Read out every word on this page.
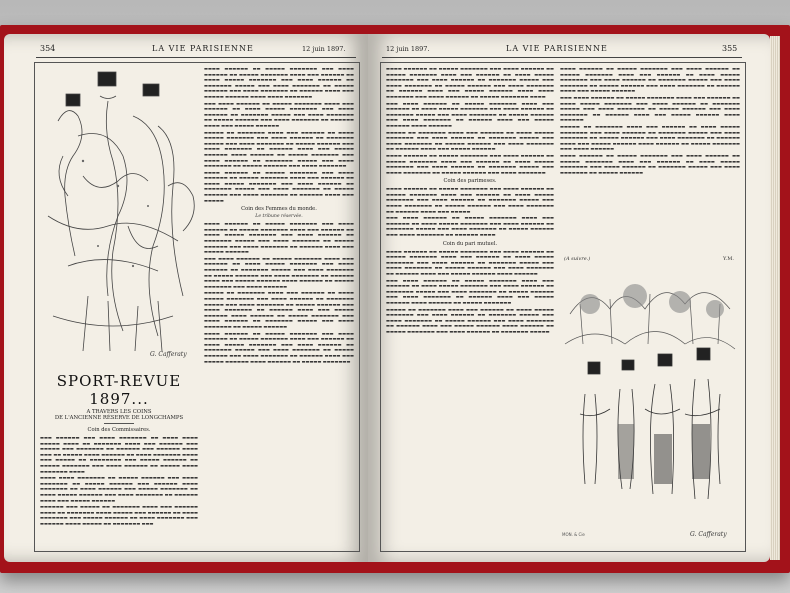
354	LA VIE PARISIENNE	12 juin 1897.
G. Cafferaty
SPORT-REVUE 1897...
A TRAVERS LES COINS
DE L'ANCIENNE RÉSERVE DE LONGCHAMPS
Coin des Commissaires.

▬▬▬ ▬▬▬▬▬▬ ▬▬▬ ▬▬▬▬ ▬▬▬▬▬▬▬ ▬▬ ▬▬▬▬ ▬▬▬▬ ▬▬▬▬▬ ▬▬▬▬ ▬▬ ▬▬▬▬▬▬▬ ▬▬▬▬ ▬▬▬ ▬▬▬▬▬▬ ▬▬▬ ▬▬▬▬▬ ▬▬▬ ▬▬▬▬▬▬▬ ▬▬ ▬▬▬▬▬▬ ▬▬▬ ▬▬▬▬▬▬ ▬▬▬▬ ▬▬▬ ▬▬ ▬▬▬▬▬ ▬▬▬▬ ▬▬▬▬▬▬ ▬▬ ▬▬▬▬ ▬▬▬▬▬▬▬ ▬▬▬▬ ▬▬▬ ▬▬▬▬▬ ▬▬ ▬▬▬▬▬▬▬▬ ▬▬▬ ▬▬▬▬▬ ▬▬▬▬▬▬ ▬▬ ▬▬▬▬▬ ▬▬▬▬▬▬▬ ▬▬▬ ▬▬▬▬ ▬▬▬▬▬▬ ▬▬ ▬▬▬▬▬ ▬▬▬▬ ▬▬▬▬▬▬▬ ▬▬▬▬

▬▬▬▬ ▬▬▬▬ ▬▬▬▬▬▬▬ ▬▬ ▬▬▬▬▬ ▬▬▬▬▬▬ ▬▬▬ ▬▬▬▬ ▬▬▬▬▬▬▬ ▬▬ ▬▬▬▬▬ ▬▬▬▬▬▬ ▬▬▬ ▬▬▬▬▬▬ ▬▬▬▬ ▬▬▬▬▬▬▬ ▬▬ ▬▬▬▬ ▬▬▬▬▬▬ ▬▬▬ ▬▬▬▬▬ ▬▬▬▬▬▬▬ ▬▬ ▬▬▬▬ ▬▬▬▬▬ ▬▬▬▬▬▬ ▬▬▬ ▬▬▬▬ ▬▬▬▬▬▬▬ ▬▬ ▬▬▬▬▬▬ ▬▬▬▬ ▬▬▬ ▬▬▬▬▬ ▬▬▬▬▬▬

▬▬▬▬▬▬ ▬▬▬ ▬▬▬▬▬ ▬▬ ▬▬▬▬▬▬▬ ▬▬▬▬ ▬▬▬ ▬▬▬▬▬▬ ▬▬▬▬ ▬▬ ▬▬▬▬▬▬▬ ▬▬▬▬ ▬▬▬▬▬ ▬▬▬ ▬▬▬▬▬▬ ▬▬ ▬▬▬▬ ▬▬▬▬▬▬▬ ▬▬▬ ▬▬▬▬▬ ▬▬▬▬▬▬ ▬▬ ▬▬▬▬ ▬▬▬▬▬▬▬ ▬▬▬ ▬▬▬▬▬▬ ▬▬▬▬ ▬▬▬▬▬ ▬▬ ▬▬▬▬▬▬▬ ▬▬▬

▬▬▬▬ ▬▬▬▬▬▬ ▬▬ ▬▬▬▬▬ ▬▬▬▬▬▬▬ ▬▬▬ ▬▬▬▬ ▬▬▬▬▬▬ ▬▬ ▬▬▬▬▬ ▬▬▬▬▬▬▬ ▬▬▬▬ ▬▬▬ ▬▬▬▬▬▬ ▬▬ ▬▬▬▬ ▬▬▬▬▬ ▬▬▬▬▬▬▬ ▬▬▬ ▬▬▬▬ ▬▬▬▬▬▬ ▬▬ ▬▬▬▬▬▬▬ ▬▬▬▬▬ ▬▬▬ ▬▬▬▬ ▬▬▬▬▬▬▬ ▬▬ ▬▬▬▬▬ ▬▬▬▬▬▬ ▬▬▬ ▬▬▬▬ ▬▬▬▬▬▬▬ ▬▬ ▬▬▬▬▬▬ ▬▬▬▬ ▬▬▬ ▬▬▬▬▬ ▬▬▬▬▬▬ ▬▬▬▬ ▬▬▬▬ ▬▬▬▬▬▬▬

▬▬▬ ▬▬▬▬ ▬▬▬▬▬▬ ▬▬ ▬▬▬▬▬ ▬▬▬▬▬▬▬ ▬▬▬▬ ▬▬▬ ▬▬▬▬▬▬ ▬▬ ▬▬▬▬ ▬▬▬▬▬ ▬▬▬▬▬▬▬ ▬▬▬ ▬▬▬▬ ▬▬▬▬▬▬ ▬▬ ▬▬▬▬▬▬▬ ▬▬▬▬▬ ▬▬▬ ▬▬▬▬ ▬▬▬▬▬▬▬ ▬▬ ▬▬▬▬▬ ▬▬▬▬▬▬ ▬▬▬ ▬▬▬▬ ▬▬▬▬▬▬▬ ▬▬ ▬▬▬▬▬▬ ▬▬▬▬ ▬▬▬ ▬▬▬▬▬ ▬▬▬▬▬▬

▬▬▬▬▬ ▬▬ ▬▬▬▬▬▬▬ ▬▬▬▬ ▬▬▬ ▬▬▬▬▬▬ ▬▬ ▬▬▬▬ ▬▬▬▬▬ ▬▬▬▬▬▬▬ ▬▬▬ ▬▬▬▬ ▬▬▬▬▬▬ ▬▬ ▬▬▬▬▬▬▬ ▬▬▬▬▬ ▬▬▬ ▬▬▬▬ ▬▬▬▬▬▬▬ ▬▬ ▬▬▬▬▬ ▬▬▬▬▬▬ ▬▬▬ ▬▬▬▬ ▬▬▬▬▬▬▬ ▬▬ ▬▬▬▬▬▬ ▬▬▬▬ ▬▬▬ ▬▬▬▬▬ ▬▬▬▬▬▬ ▬▬▬▬ ▬▬▬▬▬▬ ▬▬ ▬▬▬▬▬ ▬▬▬▬▬▬▬ ▬▬▬ ▬▬▬▬ ▬▬▬▬▬▬ ▬▬ ▬▬▬▬▬▬▬ ▬▬▬▬▬ ▬▬▬ ▬▬▬▬ ▬▬▬▬▬▬▬ ▬▬ ▬▬▬▬▬ ▬▬▬▬▬▬ ▬▬▬ ▬▬▬▬ ▬▬▬▬▬▬▬

▬▬▬▬ ▬▬▬▬▬▬ ▬▬ ▬▬▬▬▬ ▬▬▬▬▬▬▬ ▬▬▬ ▬▬▬▬ ▬▬▬▬▬▬ ▬▬ ▬▬▬▬▬ ▬▬▬▬▬▬▬ ▬▬▬▬ ▬▬▬ ▬▬▬▬▬▬ ▬▬ ▬▬▬▬ ▬▬▬▬▬ ▬▬▬▬▬▬▬ ▬▬▬ ▬▬▬▬ ▬▬▬▬▬▬ ▬▬ ▬▬▬▬▬▬▬ ▬▬▬▬▬ ▬▬▬ ▬▬▬▬ ▬▬▬▬▬▬▬ ▬▬ ▬▬▬▬▬ ▬▬▬▬▬▬ ▬▬▬ ▬▬▬▬ ▬▬▬▬▬▬▬ ▬▬ ▬▬▬▬▬▬ ▬▬▬▬ ▬▬▬ ▬▬▬▬▬

Coin des Femmes du monde.
Le tribune réservée.

▬▬▬▬ ▬▬▬▬▬▬ ▬▬ ▬▬▬▬▬ ▬▬▬▬▬▬▬ ▬▬▬ ▬▬▬▬ ▬▬▬▬▬▬ ▬▬ ▬▬▬▬▬ ▬▬▬▬▬▬▬ ▬▬▬▬ ▬▬▬ ▬▬▬▬▬▬ ▬▬ ▬▬▬▬ ▬▬▬▬▬ ▬▬▬▬▬▬▬ ▬▬▬ ▬▬▬▬ ▬▬▬▬▬▬ ▬▬ ▬▬▬▬▬▬▬ ▬▬▬▬▬ ▬▬▬ ▬▬▬▬ ▬▬▬▬▬▬▬ ▬▬ ▬▬▬▬▬ ▬▬▬▬▬▬ ▬▬▬ ▬▬▬▬ ▬▬▬▬▬▬▬ ▬▬ ▬▬▬▬▬▬ ▬▬▬▬ ▬▬▬ ▬▬▬▬▬ ▬▬▬▬▬▬

▬▬▬ ▬▬▬▬ ▬▬▬▬▬▬ ▬▬ ▬▬▬▬▬ ▬▬▬▬▬▬▬ ▬▬▬▬ ▬▬▬ ▬▬▬▬▬▬ ▬▬ ▬▬▬▬ ▬▬▬▬▬ ▬▬▬▬▬▬▬ ▬▬▬ ▬▬▬▬ ▬▬▬▬▬▬ ▬▬ ▬▬▬▬▬▬▬ ▬▬▬▬▬ ▬▬▬ ▬▬▬▬ ▬▬▬▬▬▬▬ ▬▬ ▬▬▬▬▬ ▬▬▬▬▬▬ ▬▬▬ ▬▬▬▬ ▬▬▬▬▬▬▬ ▬▬ ▬▬▬▬▬▬ ▬▬▬▬ ▬▬▬ ▬▬▬▬▬ ▬▬▬▬▬▬ ▬▬▬▬ ▬▬▬▬▬▬ ▬▬ ▬▬▬▬▬ ▬▬▬▬▬▬▬ ▬▬▬ ▬▬▬▬ ▬▬▬▬▬▬

▬▬▬▬▬ ▬▬ ▬▬▬▬▬▬▬ ▬▬▬▬ ▬▬▬ ▬▬▬▬▬▬ ▬▬ ▬▬▬▬ ▬▬▬▬▬ ▬▬▬▬▬▬▬ ▬▬▬ ▬▬▬▬ ▬▬▬▬▬▬ ▬▬ ▬▬▬▬▬▬▬ ▬▬▬▬▬ ▬▬▬ ▬▬▬▬ ▬▬▬▬▬▬▬ ▬▬ ▬▬▬▬▬ ▬▬▬▬▬▬ ▬▬▬ ▬▬▬▬ ▬▬▬▬▬▬▬ ▬▬ ▬▬▬▬▬▬ ▬▬▬▬ ▬▬▬ ▬▬▬▬▬ ▬▬▬▬▬▬ ▬▬▬▬ ▬▬▬▬▬▬ ▬▬ ▬▬▬▬▬ ▬▬▬▬▬▬▬ ▬▬▬ ▬▬▬▬ ▬▬▬▬▬▬ ▬▬ ▬▬▬▬▬▬▬ ▬▬▬▬▬ ▬▬▬ ▬▬▬▬ ▬▬▬▬▬▬▬ ▬▬ ▬▬▬▬▬ ▬▬▬▬▬▬

▬▬▬▬ ▬▬▬▬▬▬ ▬▬ ▬▬▬▬▬ ▬▬▬▬▬▬▬ ▬▬▬ ▬▬▬▬ ▬▬▬▬▬▬ ▬▬ ▬▬▬▬▬ ▬▬▬▬▬▬▬ ▬▬▬▬ ▬▬▬ ▬▬▬▬▬▬ ▬▬ ▬▬▬▬ ▬▬▬▬▬ ▬▬▬▬▬▬▬ ▬▬▬ ▬▬▬▬ ▬▬▬▬▬▬ ▬▬ ▬▬▬▬▬▬▬ ▬▬▬▬▬ ▬▬▬ ▬▬▬▬ ▬▬▬▬▬▬▬ ▬▬ ▬▬▬▬▬ ▬▬▬▬▬▬ ▬▬▬ ▬▬▬▬ ▬▬▬▬▬▬▬ ▬▬ ▬▬▬▬▬▬ ▬▬▬▬ ▬▬▬ ▬▬▬▬▬ ▬▬▬▬▬▬ ▬▬▬▬ ▬▬▬▬▬▬ ▬▬ ▬▬▬▬▬ ▬▬▬▬▬▬▬

12 juin 1897.	LA VIE PARISIENNE	355

▬▬▬▬ ▬▬▬▬▬▬ ▬▬ ▬▬▬▬▬ ▬▬▬▬▬▬▬ ▬▬▬ ▬▬▬▬ ▬▬▬▬▬▬ ▬▬ ▬▬▬▬▬ ▬▬▬▬▬▬▬ ▬▬▬▬ ▬▬▬ ▬▬▬▬▬▬ ▬▬ ▬▬▬▬ ▬▬▬▬▬ ▬▬▬▬▬▬▬ ▬▬▬ ▬▬▬▬ ▬▬▬▬▬▬ ▬▬ ▬▬▬▬▬▬▬ ▬▬▬▬▬ ▬▬▬ ▬▬▬▬ ▬▬▬▬▬▬▬ ▬▬ ▬▬▬▬▬ ▬▬▬▬▬▬ ▬▬▬ ▬▬▬▬ ▬▬▬▬▬▬▬ ▬▬ ▬▬▬▬▬▬ ▬▬▬▬ ▬▬▬ ▬▬▬▬▬ ▬▬▬▬▬▬ ▬▬▬▬ ▬▬▬▬ ▬▬▬▬▬▬▬ ▬▬▬ ▬▬▬▬ ▬▬▬▬▬▬ ▬▬ ▬▬▬▬▬ ▬▬▬▬▬▬▬ ▬▬▬▬

▬▬▬ ▬▬▬▬ ▬▬▬▬▬▬ ▬▬ ▬▬▬▬▬ ▬▬▬▬▬▬▬ ▬▬▬▬ ▬▬▬ ▬▬▬▬▬▬ ▬▬ ▬▬▬▬ ▬▬▬▬▬ ▬▬▬▬▬▬▬ ▬▬▬ ▬▬▬▬ ▬▬▬▬▬▬ ▬▬ ▬▬▬▬▬▬▬ ▬▬▬▬▬ ▬▬▬ ▬▬▬▬ ▬▬▬▬▬▬▬ ▬▬ ▬▬▬▬▬ ▬▬▬▬▬▬ ▬▬▬ ▬▬▬▬ ▬▬▬▬▬▬▬ ▬▬ ▬▬▬▬▬▬ ▬▬▬▬ ▬▬▬ ▬▬▬▬▬ ▬▬▬▬▬▬ ▬▬▬▬ ▬▬▬▬▬▬

▬▬▬▬▬ ▬▬ ▬▬▬▬▬▬▬ ▬▬▬▬ ▬▬▬ ▬▬▬▬▬▬ ▬▬ ▬▬▬▬ ▬▬▬▬▬ ▬▬▬▬▬▬▬ ▬▬▬ ▬▬▬▬ ▬▬▬▬▬▬ ▬▬ ▬▬▬▬▬▬▬ ▬▬▬▬▬ ▬▬▬ ▬▬▬▬ ▬▬▬▬▬▬▬ ▬▬ ▬▬▬▬▬ ▬▬▬▬▬▬ ▬▬▬ ▬▬▬▬ ▬▬▬▬▬▬▬ ▬▬ ▬▬▬▬▬▬ ▬▬▬▬ ▬▬▬ ▬▬▬▬▬ ▬▬▬▬▬▬

▬▬▬▬ ▬▬▬▬▬▬ ▬▬ ▬▬▬▬▬ ▬▬▬▬▬▬▬ ▬▬▬ ▬▬▬▬ ▬▬▬▬▬▬ ▬▬ ▬▬▬▬▬ ▬▬▬▬▬▬▬ ▬▬▬▬ ▬▬▬ ▬▬▬▬▬▬ ▬▬ ▬▬▬▬ ▬▬▬▬▬ ▬▬▬▬▬▬▬ ▬▬▬ ▬▬▬▬ ▬▬▬▬▬▬ ▬▬ ▬▬▬▬▬▬▬ ▬▬▬▬▬ ▬▬▬ ▬▬▬▬ ▬▬▬▬▬▬▬ ▬▬ ▬▬▬▬▬ ▬▬▬▬▬▬ ▬▬▬ ▬▬▬▬ ▬▬▬▬▬▬▬

Coin des parimeses.

▬▬▬▬ ▬▬▬▬▬▬ ▬▬ ▬▬▬▬▬ ▬▬▬▬▬▬▬ ▬▬▬ ▬▬▬▬ ▬▬▬▬▬▬ ▬▬ ▬▬▬▬▬ ▬▬▬▬▬▬▬ ▬▬▬▬ ▬▬▬ ▬▬▬▬▬▬ ▬▬ ▬▬▬▬ ▬▬▬▬▬ ▬▬▬▬▬▬▬ ▬▬▬ ▬▬▬▬ ▬▬▬▬▬▬ ▬▬ ▬▬▬▬▬▬▬ ▬▬▬▬▬ ▬▬▬ ▬▬▬▬ ▬▬▬▬▬▬▬ ▬▬ ▬▬▬▬▬ ▬▬▬▬▬▬ ▬▬▬ ▬▬▬▬ ▬▬▬▬▬▬▬ ▬▬ ▬▬▬▬▬▬ ▬▬▬▬ ▬▬▬ ▬▬▬▬▬

▬▬▬ ▬▬▬▬ ▬▬▬▬▬▬ ▬▬ ▬▬▬▬▬ ▬▬▬▬▬▬▬ ▬▬▬▬ ▬▬▬ ▬▬▬▬▬▬ ▬▬ ▬▬▬▬ ▬▬▬▬▬ ▬▬▬▬▬▬▬ ▬▬▬ ▬▬▬▬ ▬▬▬▬▬▬ ▬▬ ▬▬▬▬▬▬▬ ▬▬▬▬▬ ▬▬▬ ▬▬▬▬ ▬▬▬▬▬▬▬ ▬▬ ▬▬▬▬▬ ▬▬▬▬▬▬ ▬▬▬ ▬▬▬▬ ▬▬▬▬▬▬▬ ▬▬ ▬▬▬▬▬▬ ▬▬▬▬

Coin du pari mutuel.

▬▬▬▬ ▬▬▬▬▬▬ ▬▬ ▬▬▬▬▬ ▬▬▬▬▬▬▬ ▬▬▬ ▬▬▬▬ ▬▬▬▬▬▬ ▬▬ ▬▬▬▬▬ ▬▬▬▬▬▬▬ ▬▬▬▬ ▬▬▬ ▬▬▬▬▬▬ ▬▬ ▬▬▬▬ ▬▬▬▬▬ ▬▬▬▬▬▬▬ ▬▬▬ ▬▬▬▬ ▬▬▬▬▬▬ ▬▬ ▬▬▬▬▬▬▬ ▬▬▬▬▬ ▬▬▬ ▬▬▬▬ ▬▬▬▬▬▬▬ ▬▬ ▬▬▬▬▬ ▬▬▬▬▬▬ ▬▬▬ ▬▬▬▬ ▬▬▬▬▬▬▬ ▬▬ ▬▬▬▬▬▬ ▬▬▬▬ ▬▬▬ ▬▬▬▬▬ ▬▬▬▬▬▬ ▬▬▬▬ ▬▬▬▬▬▬

▬▬▬ ▬▬▬▬ ▬▬▬▬▬▬ ▬▬ ▬▬▬▬▬ ▬▬▬▬▬▬▬ ▬▬▬▬ ▬▬▬ ▬▬▬▬▬▬ ▬▬ ▬▬▬▬ ▬▬▬▬▬ ▬▬▬▬▬▬▬ ▬▬▬ ▬▬▬▬ ▬▬▬▬▬▬ ▬▬ ▬▬▬▬▬▬▬ ▬▬▬▬▬ ▬▬▬ ▬▬▬▬ ▬▬▬▬▬▬▬ ▬▬ ▬▬▬▬▬ ▬▬▬▬▬▬ ▬▬▬ ▬▬▬▬ ▬▬▬▬▬▬▬ ▬▬ ▬▬▬▬▬▬ ▬▬▬▬ ▬▬▬ ▬▬▬▬▬ ▬▬▬▬▬▬ ▬▬▬▬ ▬▬▬▬▬▬ ▬▬ ▬▬▬▬▬ ▬▬▬▬▬▬▬

▬▬▬▬▬ ▬▬ ▬▬▬▬▬▬▬ ▬▬▬▬ ▬▬▬ ▬▬▬▬▬▬ ▬▬ ▬▬▬▬ ▬▬▬▬▬ ▬▬▬▬▬▬▬ ▬▬▬ ▬▬▬▬ ▬▬▬▬▬▬ ▬▬ ▬▬▬▬▬▬▬ ▬▬▬▬▬ ▬▬▬ ▬▬▬▬ ▬▬▬▬▬▬▬ ▬▬ ▬▬▬▬▬ ▬▬▬▬▬▬ ▬▬▬ ▬▬▬▬ ▬▬▬▬▬▬▬ ▬▬ ▬▬▬▬▬▬ ▬▬▬▬ ▬▬▬ ▬▬▬▬▬ ▬▬▬▬▬▬ ▬▬▬▬ ▬▬▬▬▬▬ ▬▬ ▬▬▬▬▬ ▬▬▬▬▬▬▬ ▬▬▬ ▬▬▬▬ ▬▬▬▬▬▬ ▬▬ ▬▬▬▬▬▬▬ ▬▬▬▬▬

▬▬▬▬ ▬▬▬▬▬▬ ▬▬ ▬▬▬▬▬ ▬▬▬▬▬▬▬ ▬▬▬ ▬▬▬▬ ▬▬▬▬▬▬ ▬▬ ▬▬▬▬▬ ▬▬▬▬▬▬▬ ▬▬▬▬ ▬▬▬ ▬▬▬▬▬▬ ▬▬ ▬▬▬▬ ▬▬▬▬▬ ▬▬▬▬▬▬▬ ▬▬▬ ▬▬▬▬ ▬▬▬▬▬▬ ▬▬ ▬▬▬▬▬▬▬ ▬▬▬▬▬ ▬▬▬ ▬▬▬▬ ▬▬▬▬▬▬▬ ▬▬ ▬▬▬▬▬ ▬▬▬▬▬▬ ▬▬▬ ▬▬▬▬ ▬▬▬▬▬▬▬ ▬▬ ▬▬▬▬▬▬ ▬▬▬▬ ▬▬▬ ▬▬▬▬▬ ▬▬▬▬▬▬

▬▬▬ ▬▬▬▬ ▬▬▬▬▬▬ ▬▬ ▬▬▬▬▬ ▬▬▬▬▬▬▬ ▬▬▬▬ ▬▬▬ ▬▬▬▬▬▬ ▬▬ ▬▬▬▬ ▬▬▬▬▬ ▬▬▬▬▬▬▬ ▬▬▬ ▬▬▬▬ ▬▬▬▬▬▬ ▬▬ ▬▬▬▬▬▬▬ ▬▬▬▬▬ ▬▬▬ ▬▬▬▬ ▬▬▬▬▬▬▬ ▬▬ ▬▬▬▬▬ ▬▬▬▬▬▬ ▬▬▬ ▬▬▬▬ ▬▬▬▬▬▬▬ ▬▬ ▬▬▬▬▬▬ ▬▬▬▬ ▬▬▬ ▬▬▬▬▬ ▬▬▬▬▬▬ ▬▬▬▬ ▬▬▬▬▬▬

▬▬▬▬▬ ▬▬ ▬▬▬▬▬▬▬ ▬▬▬▬ ▬▬▬ ▬▬▬▬▬▬ ▬▬ ▬▬▬▬ ▬▬▬▬▬ ▬▬▬▬▬▬▬ ▬▬▬ ▬▬▬▬ ▬▬▬▬▬▬ ▬▬ ▬▬▬▬▬▬▬ ▬▬▬▬▬ ▬▬▬ ▬▬▬▬ ▬▬▬▬▬▬▬ ▬▬ ▬▬▬▬▬ ▬▬▬▬▬▬ ▬▬▬ ▬▬▬▬ ▬▬▬▬▬▬▬ ▬▬ ▬▬▬▬▬▬ ▬▬▬▬ ▬▬▬ ▬▬▬▬▬ ▬▬▬▬▬▬ ▬▬▬▬ ▬▬▬▬▬▬ ▬▬ ▬▬▬▬▬ ▬▬▬▬▬▬▬ ▬▬▬ ▬▬▬▬ ▬▬▬▬▬▬

▬▬▬▬ ▬▬▬▬▬▬ ▬▬ ▬▬▬▬▬ ▬▬▬▬▬▬▬ ▬▬▬ ▬▬▬▬ ▬▬▬▬▬▬ ▬▬ ▬▬▬▬▬ ▬▬▬▬▬▬▬ ▬▬▬▬ ▬▬▬ ▬▬▬▬▬▬ ▬▬ ▬▬▬▬ ▬▬▬▬▬ ▬▬▬▬▬▬▬ ▬▬▬ ▬▬▬▬ ▬▬▬▬▬▬ ▬▬ ▬▬▬▬▬▬▬ ▬▬▬▬▬ ▬▬▬ ▬▬▬▬ ▬▬▬▬▬▬▬ ▬▬ ▬▬▬▬▬ ▬▬▬▬▬▬

(A suivre.)	Y.M.
MON. & Cie	G. Cafferaty
